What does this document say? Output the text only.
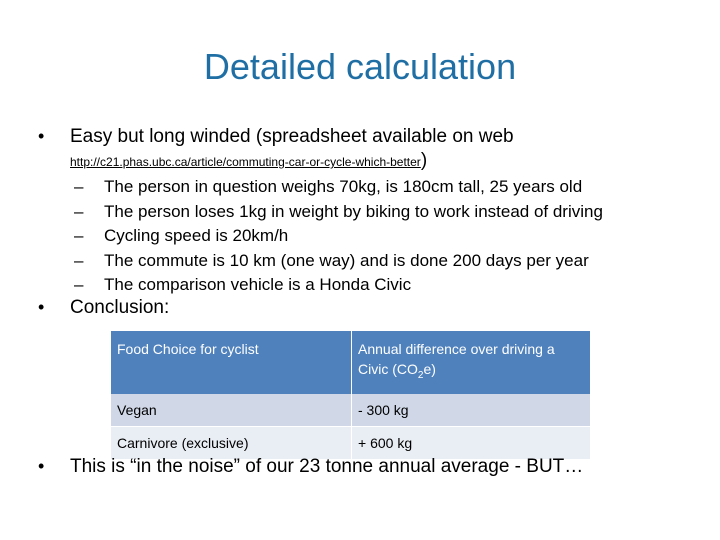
Detailed calculation
• Easy but long winded (spreadsheet available on web
http://c21.phas.ubc.ca/article/commuting-car-or-cycle-which-better)
– The person in question weighs 70kg, is 180cm tall, 25 years old
– The person loses 1kg in weight by biking to work instead of driving
– Cycling speed is 20km/h
– The commute is 10 km (one way) and is done 200 days per year
– The comparison vehicle is a Honda Civic
• Conclusion:
Food Choice for cyclist	Annual difference over driving a Civic $(CO_2e)$
Vegan	- 300 kg
Carnivore (exclusive)	+ 600 kg
• This is “in the noise” of our 23 tonne annual average - BUT…
